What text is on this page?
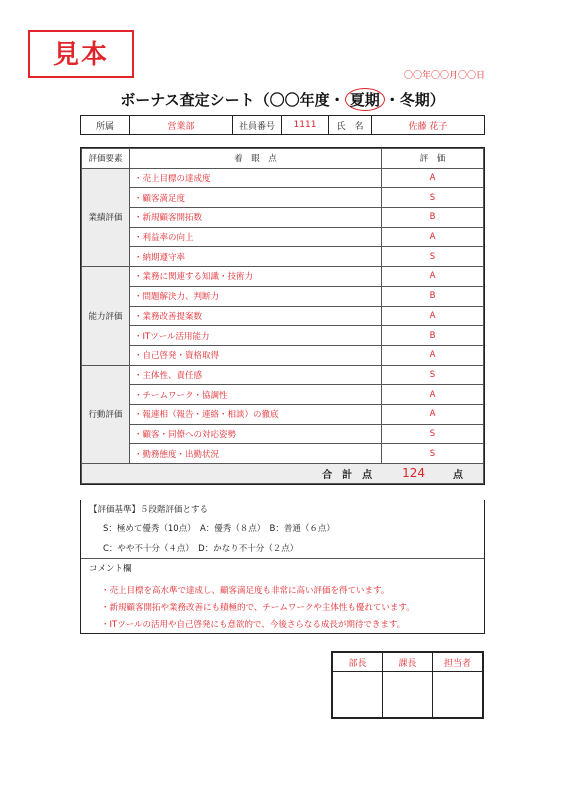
見本
〇〇年〇〇月〇〇日
ボーナス査定シート（〇〇年度・ 夏期 ・冬期）
所属	営業部	社員番号	1111	氏　名	佐藤 花子
評価要素	着　眼　点	評　価
業績評価	・売上目標の達成度	A
	・顧客満足度	S
	・新規顧客開拓数	B
	・利益率の向上	A
	・納期遵守率	S
能力評価	・業務に関連する知識・技術力	A
	・問題解決力、判断力	B
	・業務改善提案数	A
	・ITツール活用能力	B
	・自己啓発・資格取得	A
行動評価	・主体性、責任感	S
	・チームワーク・協調性	A
	・報連相（報告・連絡・相談）の徹底	A
	・顧客・同僚への対応姿勢	S
	・勤務態度・出勤状況	S

合　計　点 124 点		
【評価基準】５段階評価とする
S：極めて優秀（10点）　A：優秀（８点）　B：普通（６点）
C：やや不十分（４点）　D：かなり不十分（２点）
コメント欄
・売上目標を高水準で達成し、顧客満足度も非常に高い評価を得ています。
・新規顧客開拓や業務改善にも積極的で、チームワークや主体性も優れています。
・ITツールの活用や自己啓発にも意欲的で、今後さらなる成長が期待できます。
部長	課長	担当者
